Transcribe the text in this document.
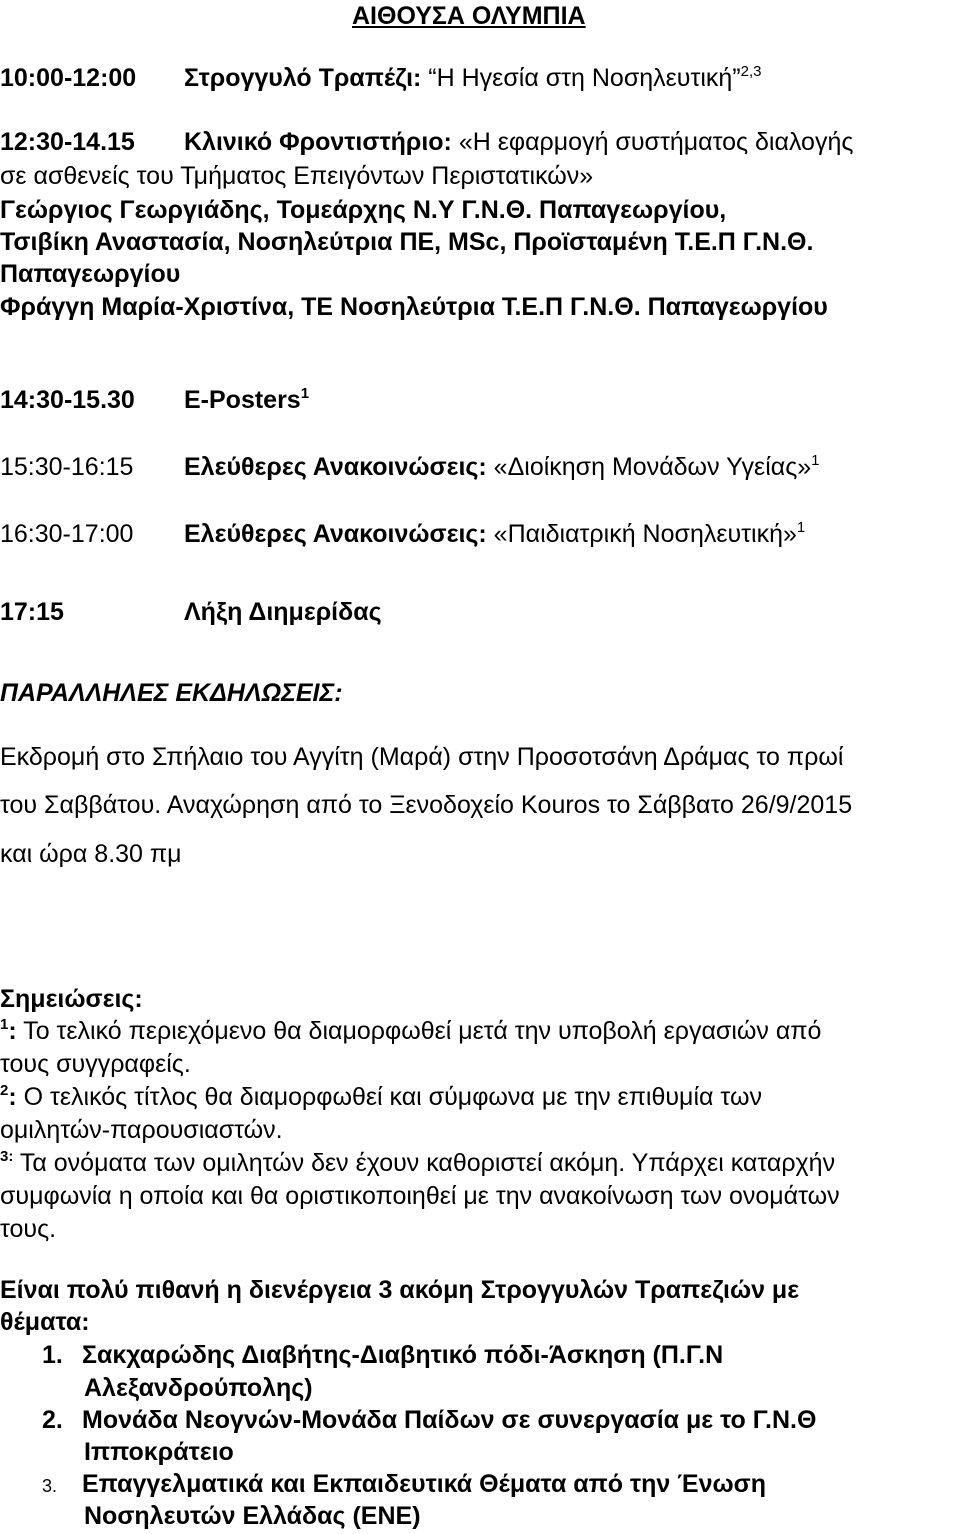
ΑΙΘΟΥΣΑ ΟΛΥΜΠΙΑ
10:00-12:00 Στρογγυλό Τραπέζι: “Η Ηγεσία στη Νοσηλευτική”$^{2,3}$
12:30-14.15 Κλινικό Φροντιστήριο: «Η εφαρμογή συστήματος διαλογής
σε ασθενείς του Τμήματος Επειγόντων Περιστατικών»
Γεώργιος Γεωργιάδης, Τομεάρχης Ν.Υ Γ.Ν.Θ. Παπαγεωργίου,
Τσιβίκη Αναστασία, Νοσηλεύτρια ΠΕ, MSc, Προϊσταμένη Τ.Ε.Π Γ.Ν.Θ.
Παπαγεωργίου
Φράγγη Μαρία-Χριστίνα, ΤΕ Νοσηλεύτρια Τ.Ε.Π Γ.Ν.Θ. Παπαγεωργίου
14:30-15.30 E-Posters$^1$
15:30-16:15 Ελεύθερες Ανακοινώσεις: «Διοίκηση Μονάδων Υγείας»$^1$
16:30-17:00 Ελεύθερες Ανακοινώσεις: «Παιδιατρική Νοσηλευτική»$^1$
17:15	Λήξη Διημερίδας
ΠΑΡΑΛΛΗΛΕΣ ΕΚΔΗΛΩΣΕΙΣ:
Εκδρομή στο Σπήλαιο του Αγγίτη (Μαρά) στην Προσοτσάνη Δράμας το πρωί
του Σαββάτου. Αναχώρηση από το Ξενοδοχείο Kouros το Σάββατο 26/9/2015
και ώρα 8.30 πμ
Σημειώσεις:
$^1$: Το τελικό περιεχόμενο θα διαμορφωθεί μετά την υποβολή εργασιών από
τους συγγραφείς.
$^2$: Ο τελικός τίτλος θα διαμορφωθεί και σύμφωνα με την επιθυμία των
ομιλητών-παρουσιαστών.
$^{3:}$ Τα ονόματα των ομιλητών δεν έχουν καθοριστεί ακόμη. Υπάρχει καταρχήν
συμφωνία η οποία και θα οριστικοποιηθεί με την ανακοίνωση των ονομάτων
τους.
Είναι πολύ πιθανή η διενέργεια 3 ακόμη Στρογγυλών Τραπεζιών με
θέματα:
1. Σακχαρώδης Διαβήτης-Διαβητικό πόδι-Άσκηση (Π.Γ.Ν
Αλεξανδρούπολης)
2. Μονάδα Νεογνών-Μονάδα Παίδων σε συνεργασία με το Γ.Ν.Θ
Ιπποκράτειο
3. Επαγγελματικά και Εκπαιδευτικά Θέματα από την Ένωση
Νοσηλευτών Ελλάδας (ΕΝΕ)
